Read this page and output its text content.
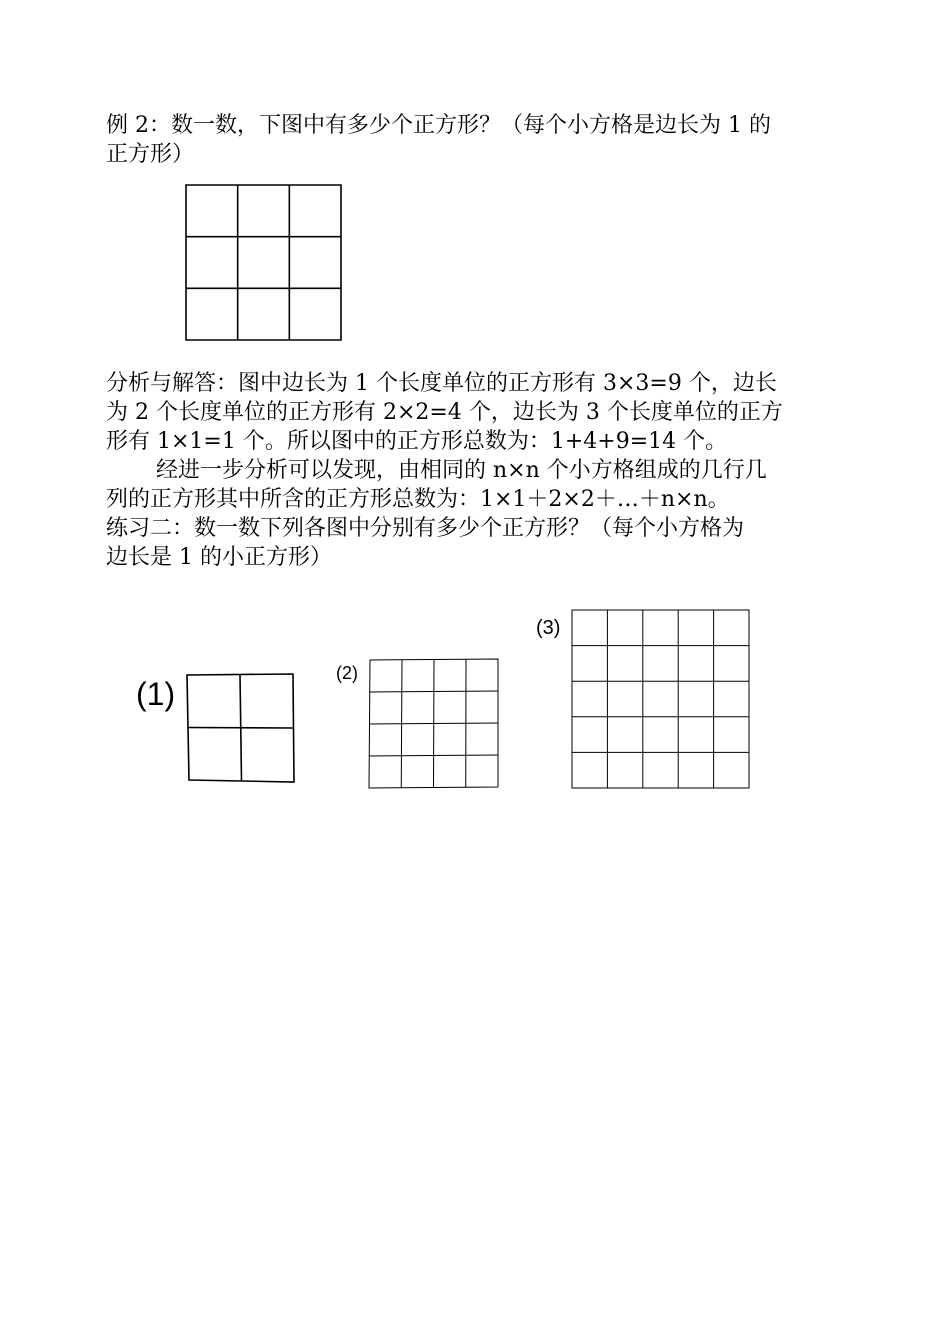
例 2：数一数，下图中有多少个正方形？（每个小方格是边长为 1 的
正方形）
分析与解答：图中边长为 1 个长度单位的正方形有 3×3=9 个，边长
为 2 个长度单位的正方形有 2×2=4 个，边长为 3 个长度单位的正方
形有 1×1=1 个。所以图中的正方形总数为：1+4+9=14 个。
经进一步分析可以发现，由相同的 n×n 个小方格组成的几行几
列的正方形其中所含的正方形总数为：1×1＋2×2＋…＋n×n。
练习二：数一数下列各图中分别有多少个正方形？（每个小方格为
边长是 1 的小正方形）
(1)
(2)
(3)
